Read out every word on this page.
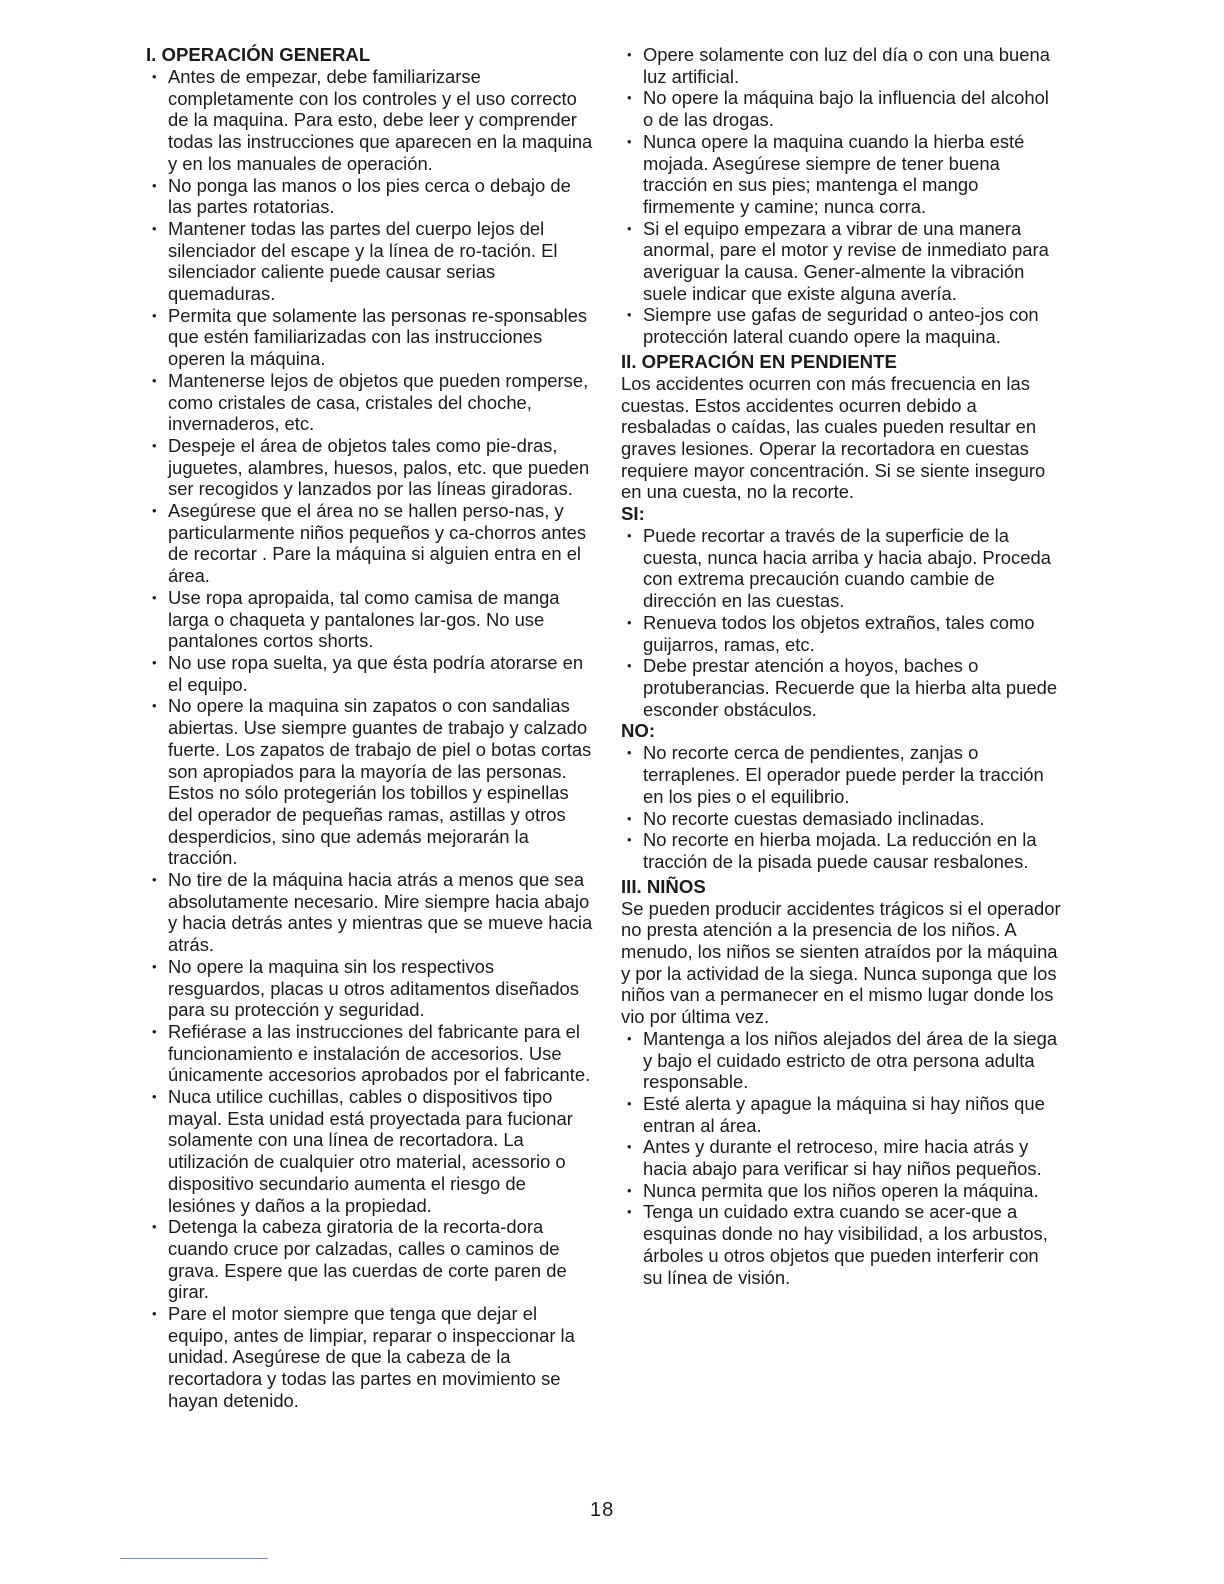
I. OPERACIÓN GENERAL
• Antes de empezar, debe familiarizarse completamente con los controles y el uso correcto de la maquina. Para esto, debe leer y comprender todas las instrucciones que aparecen en la maquina y en los manuales de operación.
• No ponga las manos o los pies cerca o debajo de las partes rotatorias.
• Mantener todas las partes del cuerpo lejos del silenciador del escape y la línea de ro-tación. El silenciador caliente puede causar serias quemaduras.
• Permita que solamente las personas re-sponsables que estén familiarizadas con las instrucciones operen la máquina.
• Mantenerse lejos de objetos que pueden romperse, como cristales de casa, cristales del choche, invernaderos, etc.
• Despeje el área de objetos tales como pie-dras, juguetes, alambres, huesos, palos, etc. que pueden ser recogidos y lanzados por las líneas giradoras.
• Asegúrese que el área no se hallen perso-nas, y particularmente niños pequeños y ca-chorros antes de recortar . Pare la máquina si alguien entra en el área.
• Use ropa apropaida, tal como camisa de manga larga o chaqueta y pantalones lar-gos. No use pantalones cortos shorts.
• No use ropa suelta, ya que ésta podría atorarse en el equipo.
• No opere la maquina sin zapatos o con sandalias abiertas. Use siempre guantes de trabajo y calzado fuerte. Los zapatos de trabajo de piel o botas cortas son apropiados para la mayoría de las personas. Estos no sólo protegerián los tobillos y espinellas del operador de pequeñas ramas, astillas y otros desperdicios, sino que además mejorarán la tracción.
• No tire de la máquina hacia atrás a menos que sea absolutamente necesario. Mire siempre hacia abajo y hacia detrás antes y mientras que se mueve hacia atrás.
• No opere la maquina sin los respectivos resguardos, placas u otros aditamentos diseñados para su protección y seguridad.
• Refiérase a las instrucciones del fabricante para el funcionamiento e instalación de accesorios. Use únicamente accesorios aprobados por el fabricante.
• Nuca utilice cuchillas, cables o dispositivos tipo mayal. Esta unidad está proyectada para fucionar solamente con una línea de recortadora. La utilización de cualquier otro material, acessorio o dispositivo secundario aumenta el riesgo de lesiónes y daños a la propiedad.
• Detenga la cabeza giratoria de la recorta-dora cuando cruce por calzadas, calles o caminos de grava. Espere que las cuerdas de corte paren de girar.
• Pare el motor siempre que tenga que dejar el equipo, antes de limpiar, reparar o inspeccionar la unidad. Asegúrese de que la cabeza de la recortadora y todas las partes en movimiento se hayan detenido.
• Opere solamente con luz del día o con una buena luz artificial.
• No opere la máquina bajo la influencia del alcohol o de las drogas.
• Nunca opere la maquina cuando la hierba esté mojada. Asegúrese siempre de tener buena tracción en sus pies; mantenga el mango firmemente y camine; nunca corra.
• Si el equipo empezara a vibrar de una manera anormal, pare el motor y revise de inmediato para averiguar la causa. Gener-almente la vibración suele indicar que existe alguna avería.
• Siempre use gafas de seguridad o anteo-jos con protección lateral cuando opere la maquina.
II. OPERACIÓN EN PENDIENTE

Los accidentes ocurren con más frecuencia en las cuestas. Estos accidentes ocurren debido a resbaladas o caídas, las cuales pueden resultar en graves lesiones. Operar la recortadora en cuestas requiere mayor concentración. Si se siente inseguro en una cuesta, no la recorte.

SI:
• Puede recortar a través de la superficie de la cuesta, nunca hacia arriba y hacia abajo. Proceda con extrema precaución cuando cambie de dirección en las cuestas.
• Renueva todos los objetos extraños, tales como guijarros, ramas, etc.
• Debe prestar atención a hoyos, baches o protuberancias. Recuerde que la hierba alta puede esconder obstáculos.
NO:
• No recorte cerca de pendientes, zanjas o terraplenes. El operador puede perder la tracción en los pies o el equilibrio.
• No recorte cuestas demasiado inclinadas.
• No recorte en hierba mojada. La reducción en la tracción de la pisada puede causar resbalones.
III. NIÑOS

Se pueden producir accidentes trágicos si el operador no presta atención a la presencia de los niños. A menudo, los niños se sienten atraídos por la máquina y por la actividad de la siega. Nunca suponga que los niños van a permanecer en el mismo lugar donde los vio por última vez.

• Mantenga a los niños alejados del área de la siega y bajo el cuidado estricto de otra persona adulta responsable.
• Esté alerta y apague la máquina si hay niños que entran al área.
• Antes y durante el retroceso, mire hacia atrás y hacia abajo para verificar si hay niños pequeños.
• Nunca permita que los niños operen la máquina.
• Tenga un cuidado extra cuando se acer-que a esquinas donde no hay visibilidad, a los arbustos, árboles u otros objetos que pueden interferir con su línea de visión.
18
